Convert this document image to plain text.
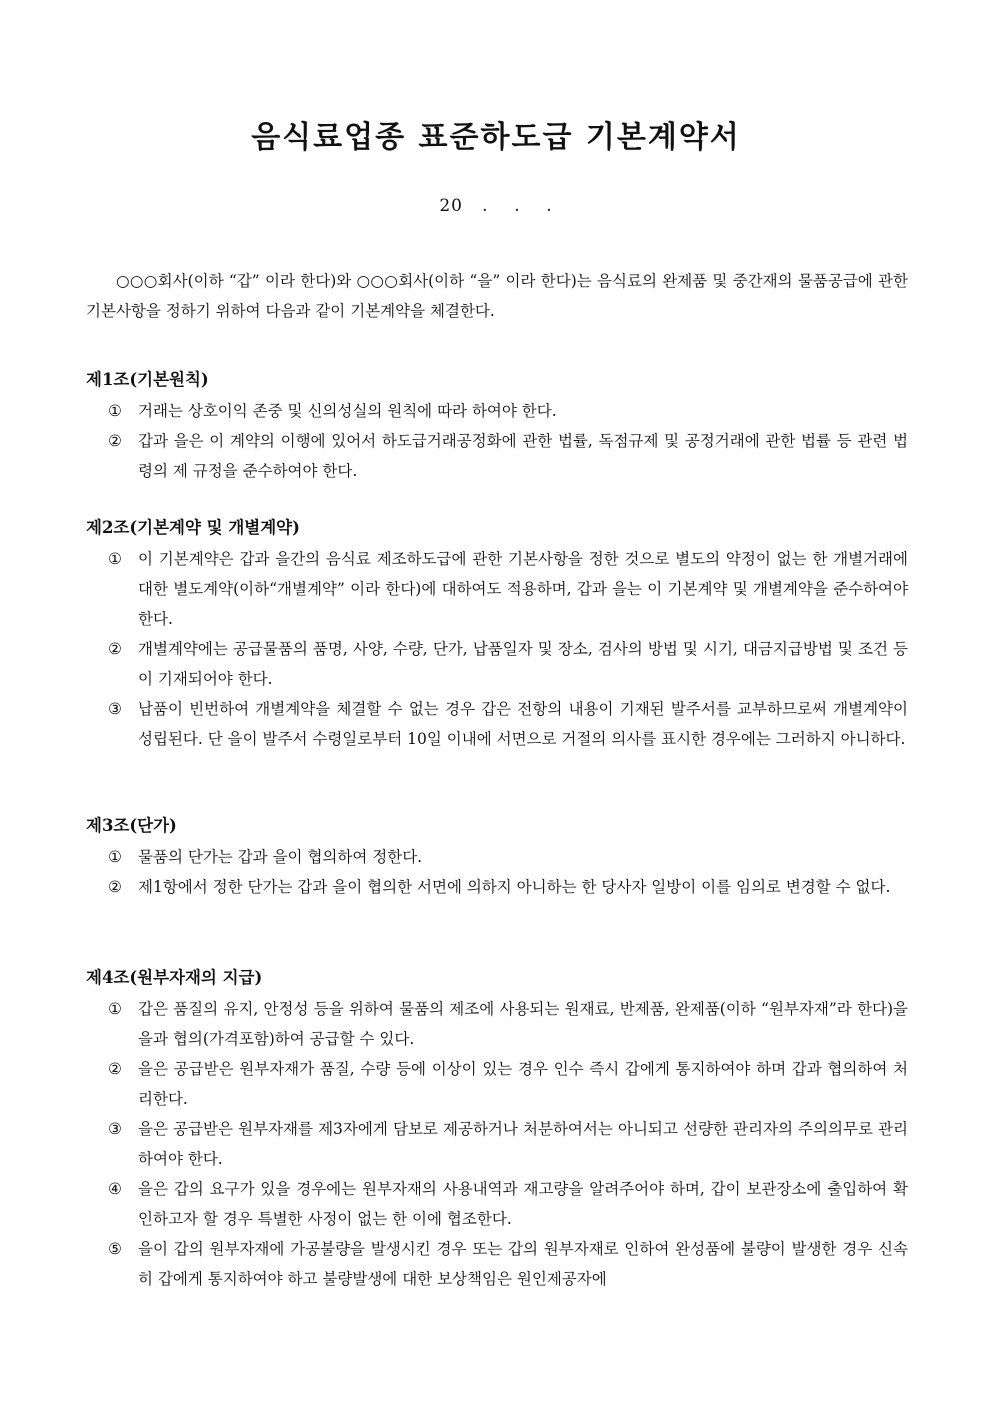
음식료업종 표준하도급 기본계약서
20   .    .    .

○○○회사(이하 “갑” 이라 한다)와 ○○○회사(이하 “을” 이라 한다)는 음식료의 완제품 및 중간재의 물품공급에 관한 기본사항을 정하기 위하여 다음과 같이 기본계약을 체결한다.

제1조(기본원칙)
①	거래는 상호이익 존중 및 신의성실의 원칙에 따라 하여야 한다.
②	갑과 을은 이 계약의 이행에 있어서 하도급거래공정화에 관한 법률, 독점규제 및 공정거래에 관한 법률 등 관련 법령의 제 규정을 준수하여야 한다.
제2조(기본계약 및 개별계약)
①	이 기본계약은 갑과 을간의 음식료 제조하도급에 관한 기본사항을 정한 것으로 별도의 약정이 없는 한 개별거래에 대한 별도계약(이하“개별계약” 이라 한다)에 대하여도 적용하며, 갑과 을는 이 기본계약 및 개별계약을 준수하여야 한다.
②	개별계약에는 공급물품의 품명, 사양, 수량, 단가, 납품일자 및 장소, 검사의 방법 및 시기, 대금지급방법 및 조건 등이 기재되어야 한다.
③	납품이 빈번하여 개별계약을 체결할 수 없는 경우 갑은 전항의 내용이 기재된 발주서를 교부하므로써 개별계약이 성립된다. 단 을이 발주서 수령일로부터 10일 이내에 서면으로 거절의 의사를 표시한 경우에는 그러하지 아니하다.
제3조(단가)
①	물품의 단가는 갑과 을이 협의하여 정한다.
②	제1항에서 정한 단가는 갑과 을이 협의한 서면에 의하지 아니하는 한 당사자 일방이 이를 임의로 변경할 수 없다.
제4조(원부자재의 지급)
①	갑은 품질의 유지, 안정성 등을 위하여 물품의 제조에 사용되는 원재료, 반제품, 완제품(이하 “원부자재”라 한다)을 을과 협의(가격포함)하여 공급할 수 있다.
②	을은 공급받은 원부자재가 품질, 수량 등에 이상이 있는 경우 인수 즉시 갑에게 통지하여야 하며 갑과 협의하여 처리한다.
③	을은 공급받은 원부자재를 제3자에게 담보로 제공하거나 처분하여서는 아니되고 선량한 관리자의 주의의무로 관리하여야 한다.
④	을은 갑의 요구가 있을 경우에는 원부자재의 사용내역과 재고량을 알려주어야 하며, 갑이 보관장소에 출입하여 확인하고자 할 경우 특별한 사정이 없는 한 이에 협조한다.
⑤	을이 갑의 원부자재에 가공불량을 발생시킨 경우 또는 갑의 원부자재로 인하여 완성품에 불량이 발생한 경우 신속히 갑에게 통지하여야 하고 불량발생에 대한 보상책임은 원인제공자에
